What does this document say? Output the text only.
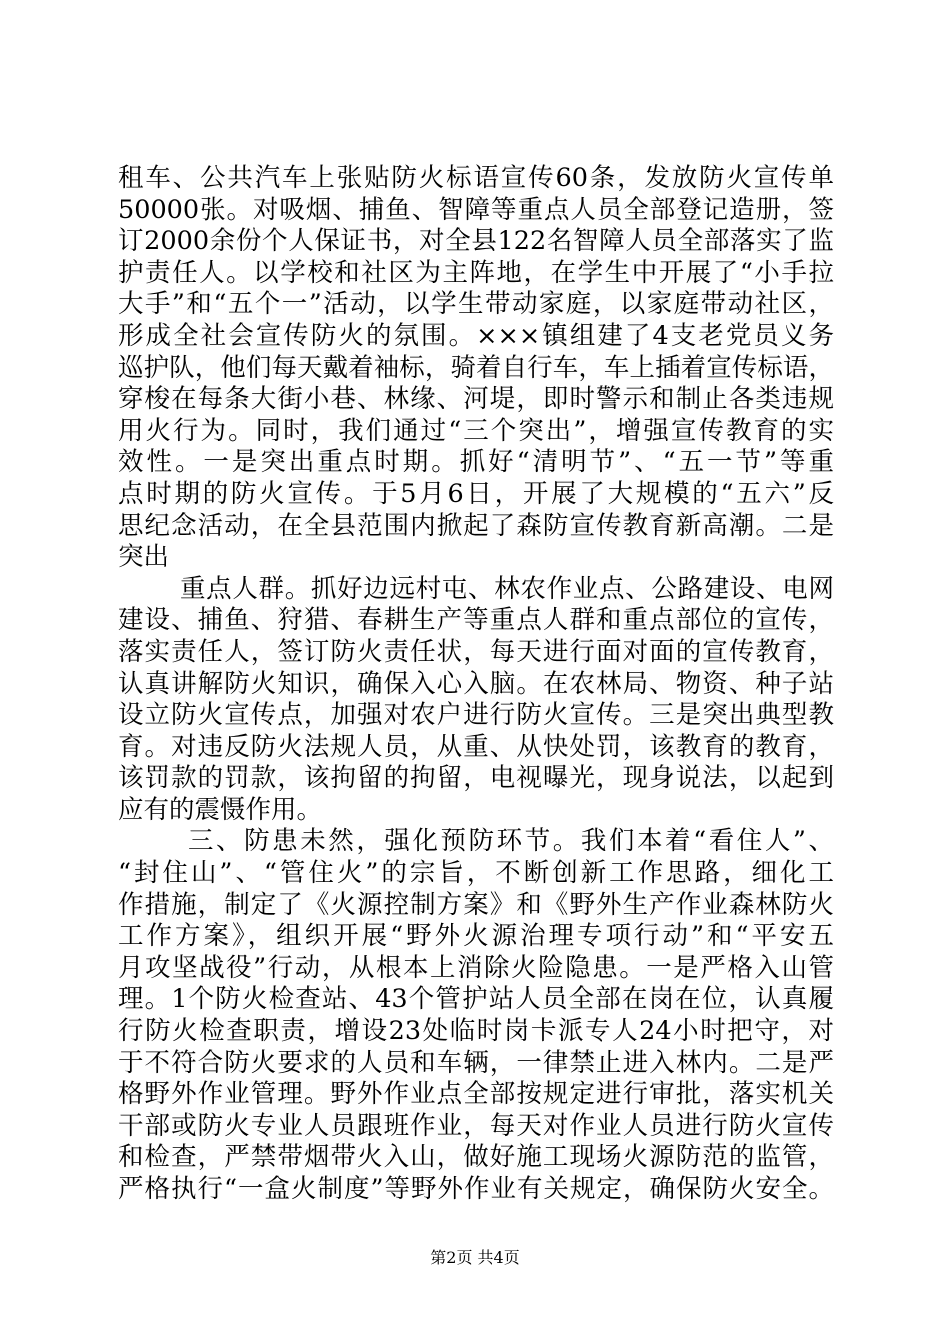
租车、公共汽车上张贴防火标语宣传60条，发放防火宣传单
50000张。对吸烟、捕鱼、智障等重点人员全部登记造册，签
订2000余份个人保证书，对全县122名智障人员全部落实了监
护责任人。以学校和社区为主阵地，在学生中开展了“小手拉
大手”和“五个一”活动，以学生带动家庭，以家庭带动社区，
形成全社会宣传防火的氛围。×××镇组建了4支老党员义务
巡护队，他们每天戴着袖标，骑着自行车，车上插着宣传标语，
穿梭在每条大街小巷、林缘、河堤，即时警示和制止各类违规
用火行为。同时，我们通过“三个突出”，增强宣传教育的实
效性。一是突出重点时期。抓好“清明节”、“五一节”等重
点时期的防火宣传。于5月6日，开展了大规模的“五六”反
思纪念活动，在全县范围内掀起了森防宣传教育新高潮。二是
突出
重点人群。抓好边远村屯、林农作业点、公路建设、电网
建设、捕鱼、狩猎、春耕生产等重点人群和重点部位的宣传，
落实责任人，签订防火责任状，每天进行面对面的宣传教育，
认真讲解防火知识，确保入心入脑。在农林局、物资、种子站
设立防火宣传点，加强对农户进行防火宣传。三是突出典型教
育。对违反防火法规人员，从重、从快处罚，该教育的教育，
该罚款的罚款，该拘留的拘留，电视曝光，现身说法，以起到
应有的震慑作用。
三、防患未然，强化预防环节。我们本着“看住人”、
“封住山”、“管住火”的宗旨，不断创新工作思路，细化工
作措施，制定了《火源控制方案》和《野外生产作业森林防火
工作方案》，组织开展“野外火源治理专项行动”和“平安五
月攻坚战役”行动，从根本上消除火险隐患。一是严格入山管
理。1个防火检查站、43个管护站人员全部在岗在位，认真履
行防火检查职责，增设23处临时岗卡派专人24小时把守，对
于不符合防火要求的人员和车辆，一律禁止进入林内。二是严
格野外作业管理。野外作业点全部按规定进行审批，落实机关
干部或防火专业人员跟班作业，每天对作业人员进行防火宣传
和检查，严禁带烟带火入山，做好施工现场火源防范的监管，
严格执行“一盒火制度”等野外作业有关规定，确保防火安全。
第2页 共4页
